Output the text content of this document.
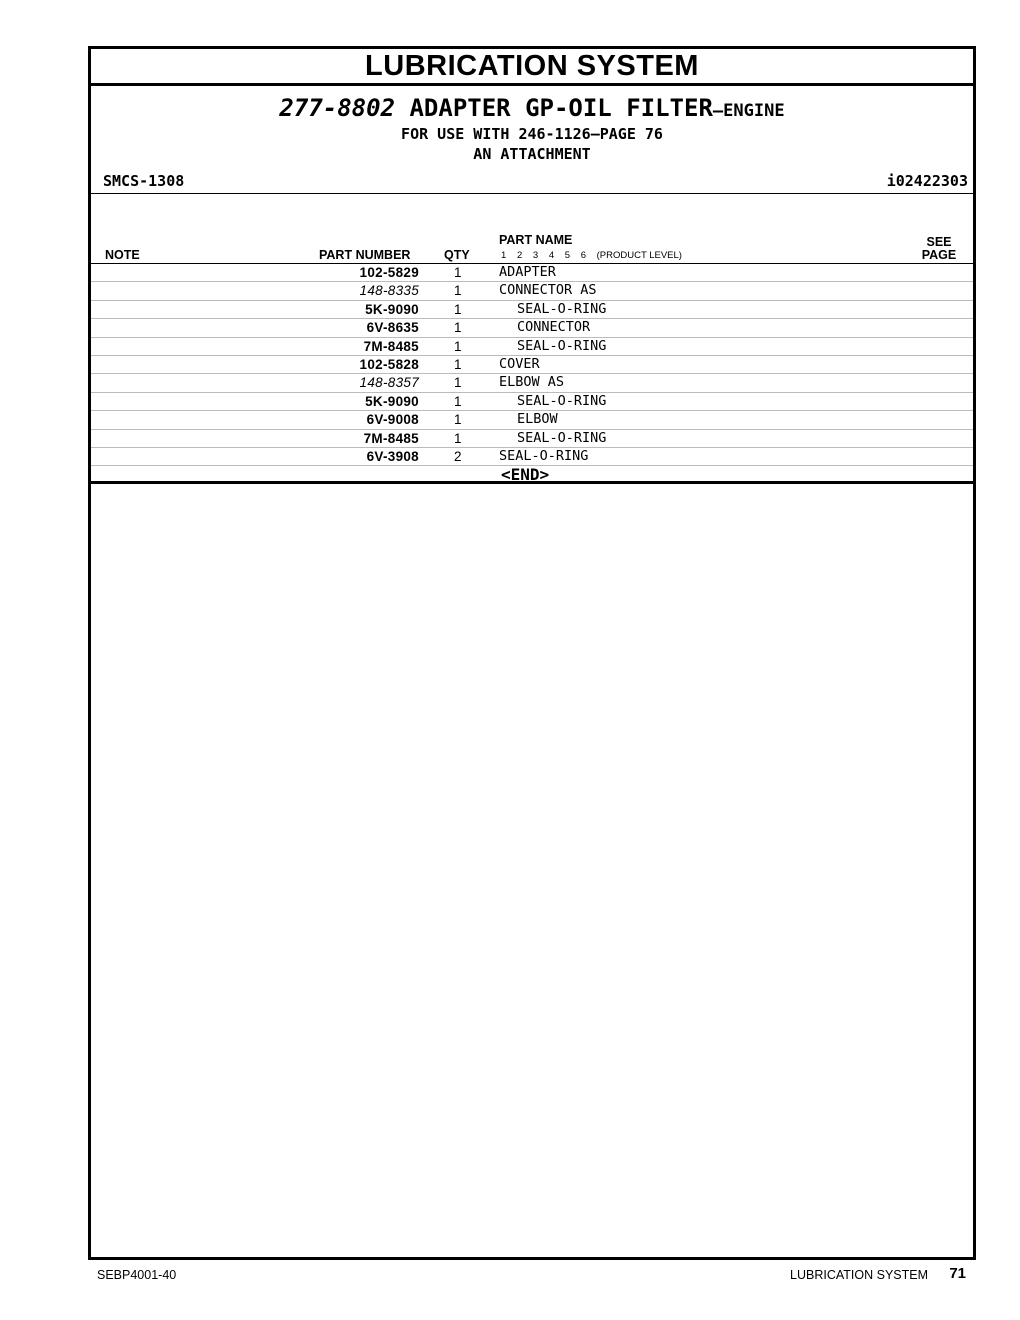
LUBRICATION SYSTEM
277-8802 ADAPTER GP-OIL FILTER—ENGINE
FOR USE WITH 246-1126—PAGE 76
AN ATTACHMENT
SMCS-1308	i02422303
NOTE	PART NUMBER	QTY
PART NAME
1 2 3 4 5 6 (PRODUCT LEVEL)
SEE
PAGE
102-5829	1	ADAPTER
148-8335	1	CONNECTOR AS
5K-9090	1	SEAL-O-RING
6V-8635	1	CONNECTOR
7M-8485	1	SEAL-O-RING
102-5828	1	COVER
148-8357	1	ELBOW AS
5K-9090	1	SEAL-O-RING
6V-9008	1	ELBOW
7M-8485	1	SEAL-O-RING
6V-3908	2	SEAL-O-RING
<END>
SEBP4001-40	LUBRICATION SYSTEM 71
